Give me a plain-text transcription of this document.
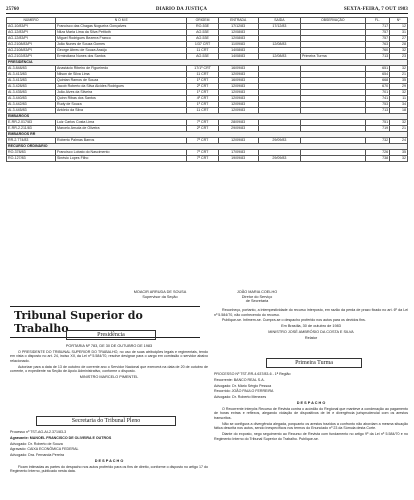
25760	DIARIO DA JUSTIÇA	SEXTA-FEIRA, 7 OUT 1983
NÚMERO	N O M E	ORIGEM	ENTRADA	SAÍDA	OBSERVAÇÃO	FL.	Nº
AG-10/83/PI	Francisco das Chagas Nogueira Gonçalves	RO-53E	17/12/83	17/12/83		717	12
AG-12/83/PI	Nilza Maria Lima da Silva Petitoth	AO-53E	12/08/83			757	31
AG-12/83/PI	Miguel Rodrigues Bezerra Franco	AO-53E	12/08/83			757	27
AG-2108/83/PI	João Nunes de Souza Gomes	1/37 CRT	11/09/83	12/08/83		763	28
AG-2108/83/PI	George Abreu de Souza Araújo	11 CRT	14/08/83			760	32
AG-2102/83/PI	Ermindiana Nunes dos Santos	AO-53E	14/08/83	12/08/83	Primeira Turma	713	23
PRESIDÊNCIA							
AI-3.848/83	Anastácio Ribeiro de Figueiredo	17/1º CRT	16/09/83			651	32
AI-3.413/83	Nilson de Silva Lima	11 CRT	12/09/83			654	21
AI-3.413/83	Quintan Ramos de Souza	1º CRT	16/09/83			668	35
AI-3.428/83	Jacob Roberto da Silva Alcides Rodrigues	2º CRT	12/09/83			670	29
AI-3.435/83	João Alves da Silveira	1º CRT	12/09/83			701	32
AI-3.440/83	Quinn Ribas dos Santos	4º CRT	12/09/83			741	11
AI-3.442/83	Rudy de Souza	1º CRT	12/09/83			753	34
AI-3.445/83	Antônio da Silva	11 CRT	12/09/83			713	18
EMBARGOS							
E-RR-2.017/83	Luiz Carlos Costa Lima	7º CRT	28/09/83			751	32
E-RR-2.211/83	Marcelo Arruda de Oliveira	2º CRT	29/09/83			719	21
EMBARGOS RR							
RR-2.774/83	Roberto Palmas Barros	7º CRT	12/09/83	29/09/83		732	24
RECURSO ORDINÁRIO							
RO-378/83	Francisco Lobato do Nascimento	7º CRT	17/09/83			726	35
RO-127/83	Sinésio Lopes Filho	7º CRT	19/09/83	29/09/83		738	32
MOACIR ARRUDA DE SOUSA
Supervisor da Seção
JOÃO MARIA COELHO
Diretor do Serviço
de Secretaria
Tribunal Superior do Trabalho	Presidência

PORTARIA Nº 783, DE 30 DE OUTUBRO DE 1983

O PRESIDENTE DO TRIBUNAL SUPERIOR DO TRABALHO, no uso de suas atribuições legais e regimentais, tendo em vista o disposto no art. 24, inciso XII, da Lei nº 5.584/70, resolve designar para o cargo em comissão o servidor abaixo relacionado.

Autorizar para a data de 13 de outubro de corrente ano o Servidor Nacional que exercerá na data de 20 de outubro de corrente, o expediente na Seção de Apoio Administrativo, conforme o disposto.

MINISTRO MARCELO PIMENTEL

Secretaria do Tribunal Pleno

Processo nº TST-AG-AI-2.371/83-3

Agravante: MANOEL FRANCISCO DE OLIVEIRA E OUTROS

Advogado: Dr. Roberto de Souza

Agravado: CAIXA ECONÔMICA FEDERAL

Advogado: Dra. Fernanda Pereira

D E S P A C H O

Ficam intimadas as partes do despacho nos autos proferido para os fins de direito, conforme o disposto no artigo 17 do Regimento Interno, publicado nesta data.

Reconheço, portanto, a intempestividade do recurso interposto, em razão da perda de prazo fixado no art. 6º da Lei nº 5.584/70, não conhecendo do recurso.

Publique-se. Intimem-se. Cumpra-se o despacho proferido nos autos para os devidos fins.

Em Brasília, 30 de outubro de 1983

MINISTRO JOSÉ AMBRÓSIO DA COSTA E SILVA

Relator

Primeira Turma

PROCESSO Nº TST-RR-4.637/83-6 - 1ª Região

Recorrente: BANCO REAL S.A.

Advogado: Dr. Mário Sérgio Pessoa

Recorrido: JOÃO PAULO FERREIRA

Advogado: Dr. Roberto Menezes

D E S P A C H O

O Recorrente interpôs Recurso de Revista contra o acórdão do Regional que manteve a condenação ao pagamento de horas extras e reflexos, alegando violação de dispositivos de lei e divergência jurisprudencial com os arestos transcritos.

Não se configura a divergência alegada, porquanto os arestos trazidos a confronto não abordam a mesma situação fática descrita nos autos, sendo inespecíficos nos termos do Enunciado nº 23 da Súmula desta Corte.

Diante do exposto, nego seguimento ao Recurso de Revista com fundamento no artigo 9º da Lei nº 5.584/70 e no Regimento Interno do Tribunal Superior do Trabalho. Publique-se.
